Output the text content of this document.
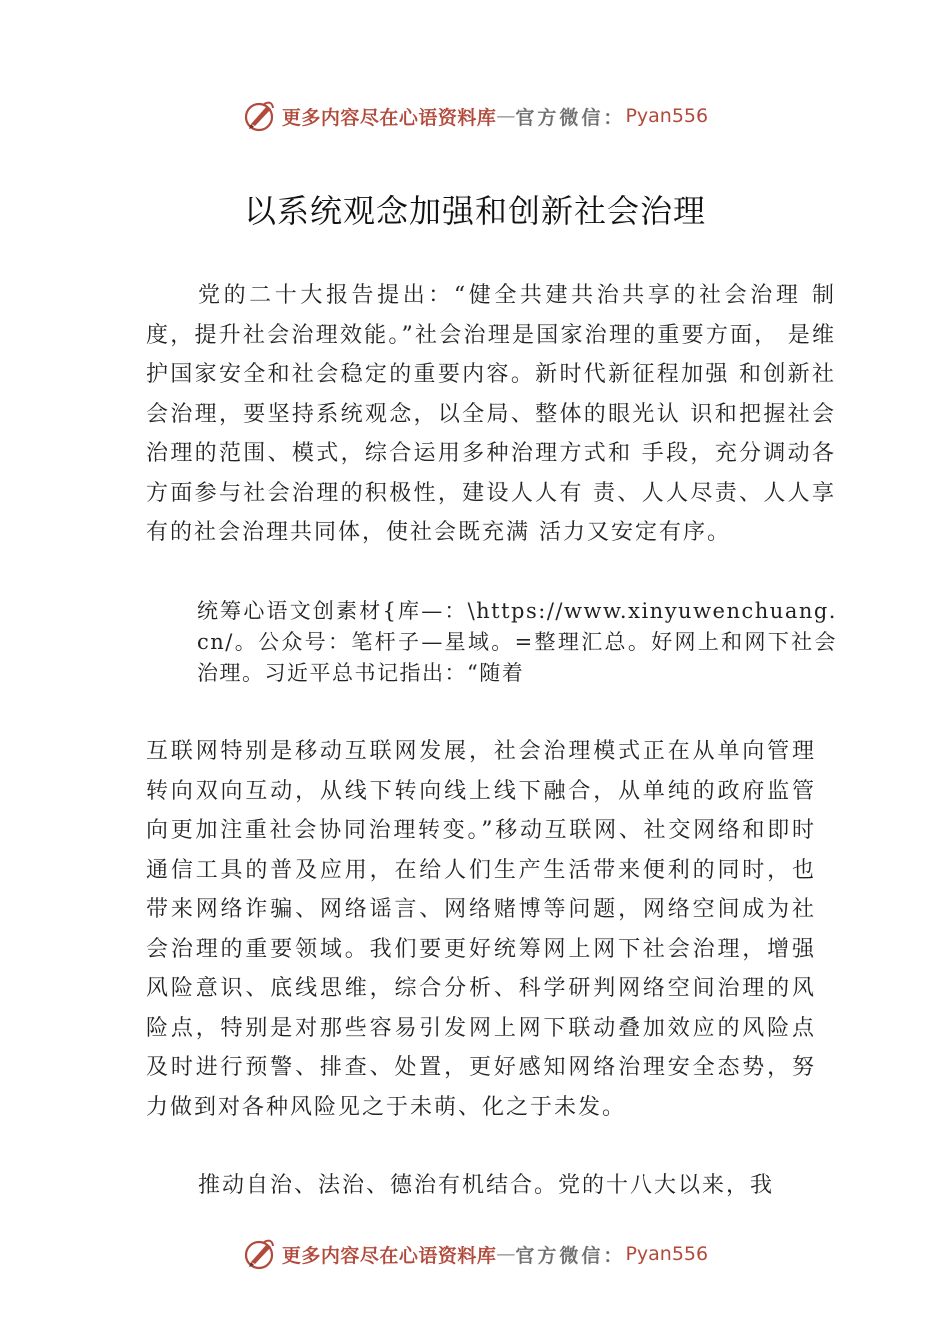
更多内容尽在心语资料库 — 官方微信： Pyan556
以系统观念加强和创新社会治理

党的二十大报告提出：“健全共建共治共享的社会治理 制度，提升社会治理效能。”社会治理是国家治理的重要方面， 是维护国家安全和社会稳定的重要内容。新时代新征程加强 和创新社会治理，要坚持系统观念，以全局、整体的眼光认 识和把握社会治理的范围、模式，综合运用多种治理方式和 手段，充分调动各方面参与社会治理的积极性，建设人人有 责、人人尽责、人人享有的社会治理共同体，使社会既充满 活力又安定有序。

统筹心语文创素材{库—：\https://www.xinyuwenchuang.cn/。公众号：笔杆子—星域。=整理汇总。好网上和网下社会治理。习近平总书记指出：“随着

互联网特别是移动互联网发展，社会治理模式正在从单向管理转向双向互动，从线下转向线上线下融合，从单纯的政府监管向更加注重社会协同治理转变。”移动互联网、社交网络和即时通信工具的普及应用，在给人们生产生活带来便利的同时，也带来网络诈骗、网络谣言、网络赌博等问题，网络空间成为社会治理的重要领域。我们要更好统筹网上网下社会治理，增强风险意识、底线思维，综合分析、科学研判网络空间治理的风险点，特别是对那些容易引发网上网下联动叠加效应的风险点及时进行预警、排查、处置，更好感知网络治理安全态势，努力做到对各种风险见之于未萌、化之于未发。

推动自治、法治、德治有机结合。党的十八大以来，我

更多内容尽在心语资料库 — 官方微信： Pyan556
